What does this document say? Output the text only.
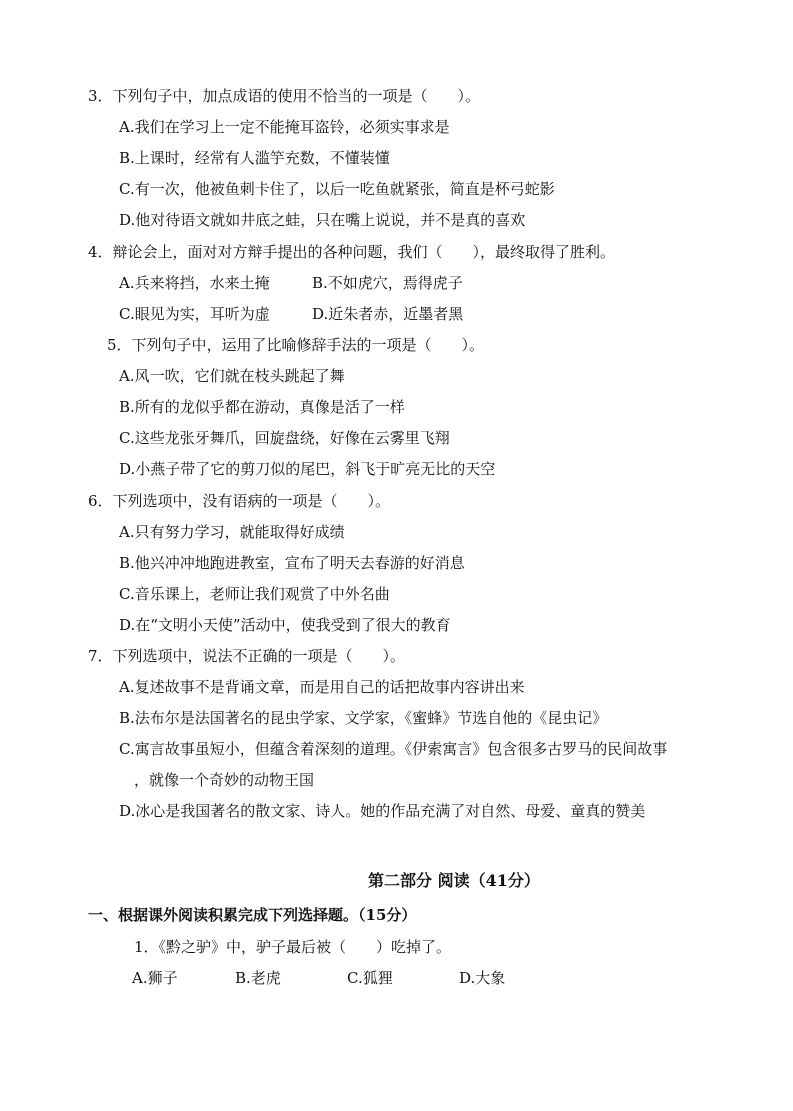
3．下列句子中，加点成语的使用不恰当的一项是（　　）。
A.我们在学习上一定不能掩耳盗铃，必须实事求是
B.上课时，经常有人滥竽充数，不懂装懂
C.有一次，他被鱼刺卡住了，以后一吃鱼就紧张，简直是杯弓蛇影
D.他对待语文就如井底之蛙，只在嘴上说说，并不是真的喜欢
4．辩论会上，面对对方辩手提出的各种问题，我们（　　），最终取得了胜利。
A.兵来将挡，水来土掩	B.不如虎穴，焉得虎子
C.眼见为实，耳听为虚	D.近朱者赤，近墨者黑
5．下列句子中，运用了比喻修辞手法的一项是（　　）。
A.风一吹，它们就在枝头跳起了舞
B.所有的龙似乎都在游动，真像是活了一样
C.这些龙张牙舞爪，回旋盘绕，好像在云雾里飞翔
D.小燕子带了它的剪刀似的尾巴，斜飞于旷亮无比的天空
6．下列选项中，没有语病的一项是（　　）。
A.只有努力学习，就能取得好成绩
B.他兴冲冲地跑进教室，宣布了明天去春游的好消息
C.音乐课上，老师让我们观赏了中外名曲
D.在“文明小天使”活动中，使我受到了很大的教育
7．下列选项中，说法不正确的一项是（　　）。
A.复述故事不是背诵文章，而是用自己的话把故事内容讲出来
B.法布尔是法国著名的昆虫学家、文学家，《蜜蜂》节选自他的《昆虫记》
C.寓言故事虽短小，但蕴含着深刻的道理。《伊索寓言》包含很多古罗马的民间故事
，就像一个奇妙的动物王国
D.冰心是我国著名的散文家、诗人。她的作品充满了对自然、母爱、童真的赞美
第二部分 阅读（41分）
一、根据课外阅读积累完成下列选择题。（15分）
1．《黔之驴》中，驴子最后被（　　）吃掉了。
A.狮子	B.老虎	C.狐狸	D.大象
